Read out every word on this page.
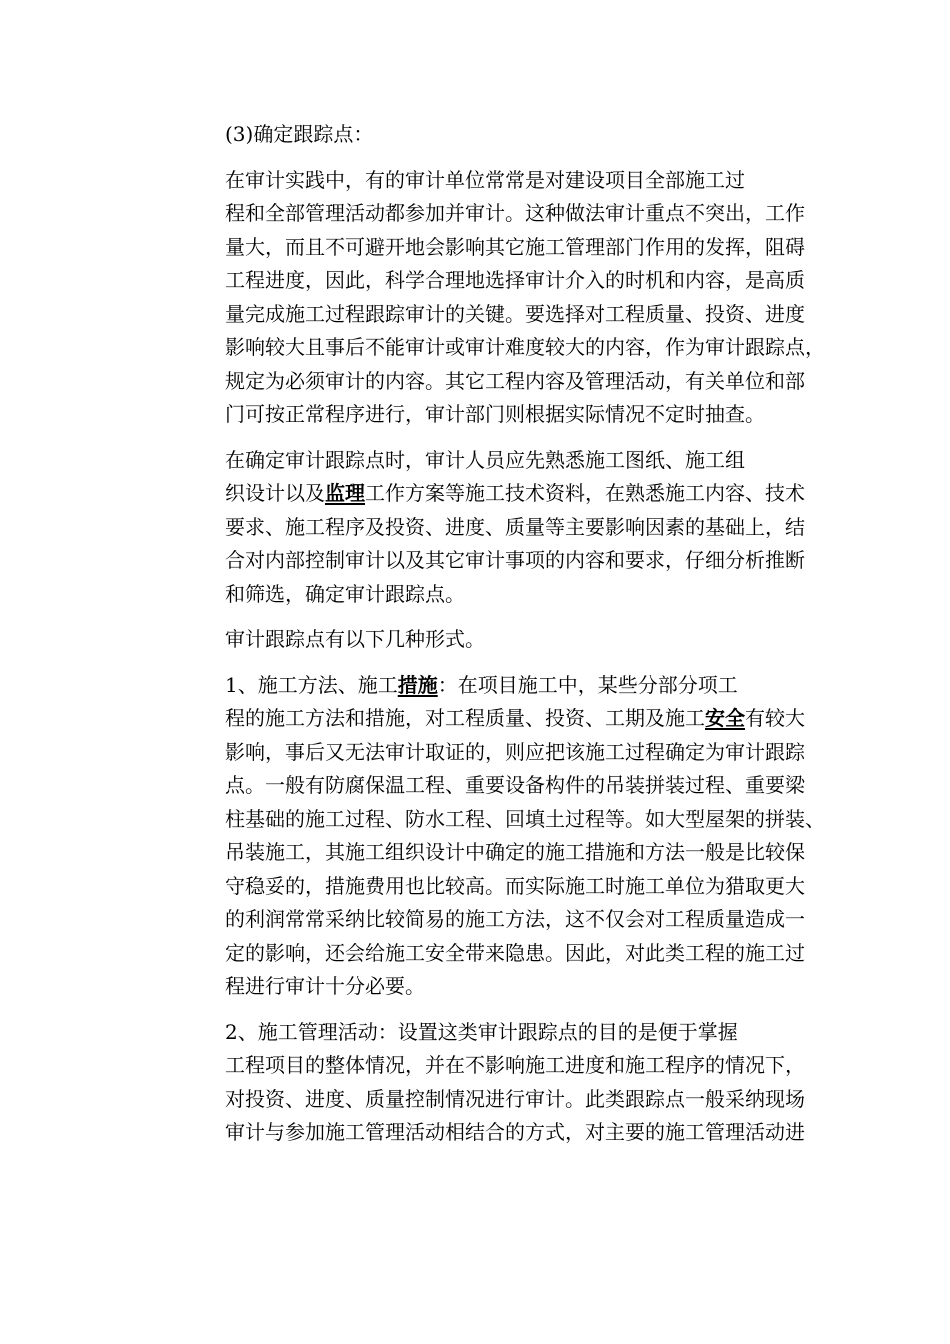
(3)确定跟踪点：

在审计实践中，有的审计单位常常是对建设项目全部施工过
程和全部管理活动都参加并审计。这种做法审计重点不突出，工作
量大，而且不可避开地会影响其它施工管理部门作用的发挥，阻碍
工程进度，因此，科学合理地选择审计介入的时机和内容，是高质
量完成施工过程跟踪审计的关键。要选择对工程质量、投资、进度
影响较大且事后不能审计或审计难度较大的内容，作为审计跟踪点，
规定为必须审计的内容。其它工程内容及管理活动，有关单位和部
门可按正常程序进行，审计部门则根据实际情况不定时抽查。

在确定审计跟踪点时，审计人员应先熟悉施工图纸、施工组
织设计以及监理工作方案等施工技术资料，在熟悉施工内容、技术
要求、施工程序及投资、进度、质量等主要影响因素的基础上，结
合对内部控制审计以及其它审计事项的内容和要求，仔细分析推断
和筛选，确定审计跟踪点。

审计跟踪点有以下几种形式。

1、施工方法、施工措施：在项目施工中，某些分部分项工
程的施工方法和措施，对工程质量、投资、工期及施工安全有较大
影响，事后又无法审计取证的，则应把该施工过程确定为审计跟踪
点。一般有防腐保温工程、重要设备构件的吊装拼装过程、重要梁
柱基础的施工过程、防水工程、回填土过程等。如大型屋架的拼装、
吊装施工，其施工组织设计中确定的施工措施和方法一般是比较保
守稳妥的，措施费用也比较高。而实际施工时施工单位为猎取更大
的利润常常采纳比较简易的施工方法，这不仅会对工程质量造成一
定的影响，还会给施工安全带来隐患。因此，对此类工程的施工过
程进行审计十分必要。

2、施工管理活动：设置这类审计跟踪点的目的是便于掌握
工程项目的整体情况，并在不影响施工进度和施工程序的情况下，
对投资、进度、质量控制情况进行审计。此类跟踪点一般采纳现场
审计与参加施工管理活动相结合的方式，对主要的施工管理活动进
